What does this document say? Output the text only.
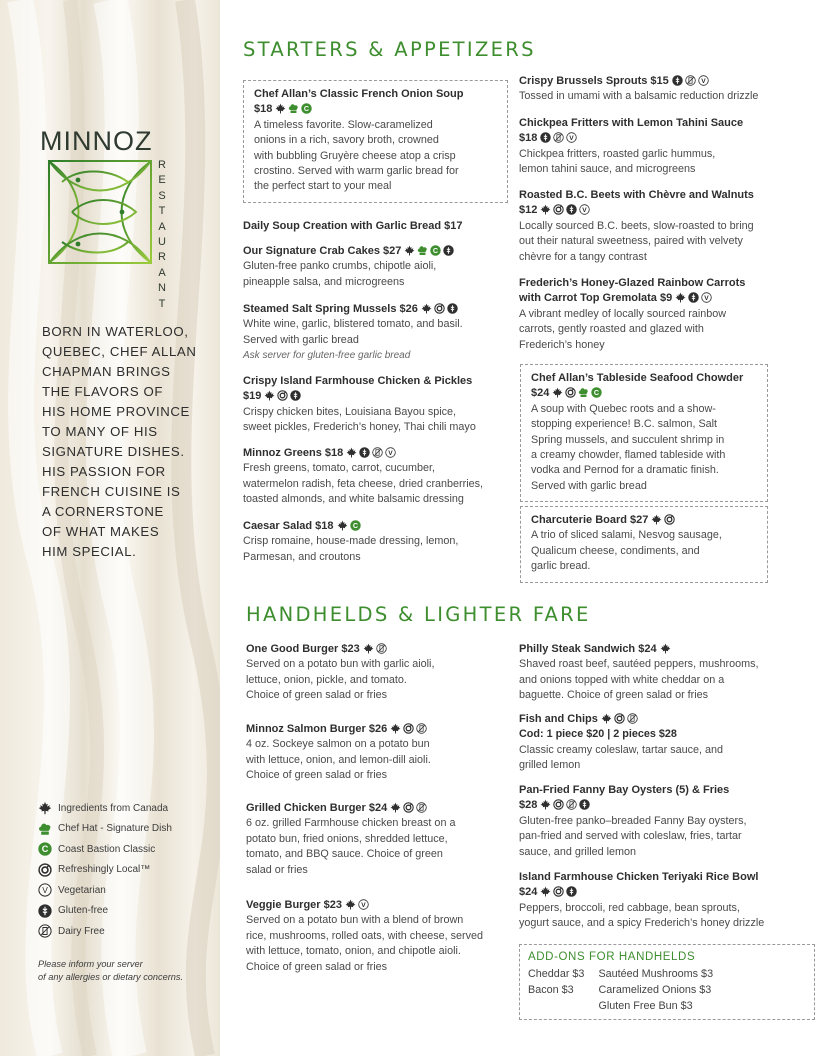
MINNOZ
R
E
S
T
A
U
R
A
N
T
BORN IN WATERLOO,
QUEBEC, CHEF ALLAN
CHAPMAN BRINGS
THE FLAVORS OF
HIS HOME PROVINCE
TO MANY OF HIS
SIGNATURE DISHES.
HIS PASSION FOR
FRENCH CUISINE IS
A CORNERSTONE
OF WHAT MAKES
HIM SPECIAL.
Ingredients from Canada
Chef Hat - Signature Dish
C Coast Bastion Classic
Refreshingly Local™
V Vegetarian
Gluten-free
Dairy Free
Please inform your server
of any allergies or dietary concerns.
STARTERS & APPETIZERS
HANDHELDS & LIGHTER FARE
Chef Allan’s Classic French Onion Soup
$18 C
A timeless favorite. Slow-caramelized
onions in a rich, savory broth, crowned
with bubbling Gruyère cheese atop a crisp
crostino. Served with warm garlic bread for
the perfect start to your meal
Daily Soup Creation with Garlic Bread $17
Our Signature Crab Cakes $27 C
Gluten-free panko crumbs, chipotle aioli,
pineapple salsa, and microgreens
Steamed Salt Spring Mussels $26
White wine, garlic, blistered tomato, and basil.
Served with garlic bread
Ask server for gluten-free garlic bread
Crispy Island Farmhouse Chicken & Pickles
$19
Crispy chicken bites, Louisiana Bayou spice,
sweet pickles, Frederich’s honey, Thai chili mayo
Minnoz Greens $18	V
Fresh greens, tomato, carrot, cucumber,
watermelon radish, feta cheese, dried cranberries,
toasted almonds, and white balsamic dressing
Caesar Salad $18 C
Crisp romaine, house-made dressing, lemon,
Parmesan, and croutons
Crispy Brussels Sprouts $15	V
Tossed in umami with a balsamic reduction drizzle
Chickpea Fritters with Lemon Tahini Sauce
$18	V
Chickpea fritters, roasted garlic hummus,
lemon tahini sauce, and microgreens
Roasted B.C. Beets with Chèvre and Walnuts
$12	V
Locally sourced B.C. beets, slow-roasted to bring
out their natural sweetness, paired with velvety
chèvre for a tangy contrast
Frederich’s Honey-Glazed Rainbow Carrots
with Carrot Top Gremolata $9	V
A vibrant medley of locally sourced rainbow
carrots, gently roasted and glazed with
Frederich’s honey
Chef Allan’s Tableside Seafood Chowder
$24	C
A soup with Quebec roots and a show-
stopping experience! B.C. salmon, Salt
Spring mussels, and succulent shrimp in
a creamy chowder, flamed tableside with
vodka and Pernod for a dramatic finish.
Served with garlic bread
Charcuterie Board $27
A trio of sliced salami, Nesvog sausage,
Qualicum cheese, condiments, and
garlic bread.
One Good Burger $23
Served on a potato bun with garlic aioli,
lettuce, onion, pickle, and tomato.
Choice of green salad or fries
Minnoz Salmon Burger $26
4 oz. Sockeye salmon on a potato bun
with lettuce, onion, and lemon-dill aioli.
Choice of green salad or fries
Grilled Chicken Burger $24
6 oz. grilled Farmhouse chicken breast on a
potato bun, fried onions, shredded lettuce,
tomato, and BBQ sauce. Choice of green
salad or fries
Veggie Burger $23 V
Served on a potato bun with a blend of brown
rice, mushrooms, rolled oats, with cheese, served
with lettuce, tomato, onion, and chipotle aioli.
Choice of green salad or fries
Philly Steak Sandwich $24
Shaved roast beef, sautéed peppers, mushrooms,
and onions topped with white cheddar on a
baguette. Choice of green salad or fries
Fish and Chips
Cod: 1 piece $20 | 2 pieces $28
Classic creamy coleslaw, tartar sauce, and
grilled lemon
Pan-Fried Fanny Bay Oysters (5) & Fries
$28
Gluten-free panko–breaded Fanny Bay oysters,
pan-fried and served with coleslaw, fries, tartar
sauce, and grilled lemon
Island Farmhouse Chicken Teriyaki Rice Bowl
$24
Peppers, broccoli, red cabbage, bean sprouts,
yogurt sauce, and a spicy Frederich’s honey drizzle
ADD-ONS FOR HANDHELDS
Cheddar $3
Bacon $3
Sautéed Mushrooms $3
Caramelized Onions $3
Gluten Free Bun $3
